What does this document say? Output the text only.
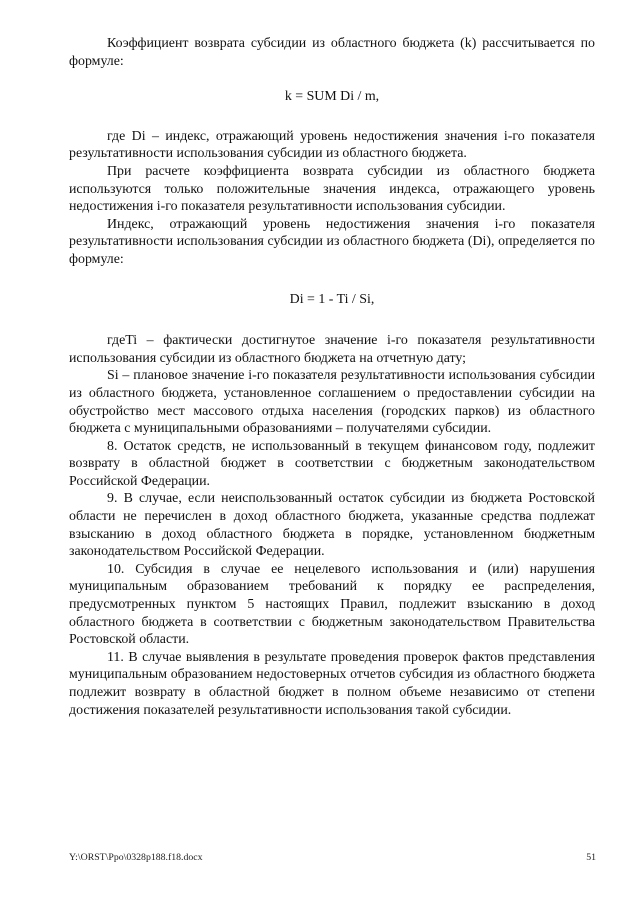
Коэффициент возврата субсидии из областного бюджета (k) рассчитывается по формуле:

k = SUM Di / m,

где Di – индекс, отражающий уровень недостижения значения i-го показателя результативности использования субсидии из областного бюджета.

При расчете коэффициента возврата субсидии из областного бюджета используются только положительные значения индекса, отражающего уровень недостижения i-го показателя результативности использования субсидии.

Индекс, отражающий уровень недостижения значения i-го показателя результативности использования субсидии из областного бюджета (Di), определяется по формуле:

Di = 1 - Ti / Si,

гдеTi – фактически достигнутое значение i-го показателя результативности использования субсидии из областного бюджета на отчетную дату;

Si – плановое значение i-го показателя результативности использования субсидии из областного бюджета, установленное соглашением о предоставлении субсидии на обустройство мест массового отдыха населения (городских парков) из областного бюджета с муниципальными образованиями – получателями субсидии.

8. Остаток средств, не использованный в текущем финансовом году, подлежит возврату в областной бюджет в соответствии с бюджетным законодательством Российской Федерации.

9. В случае, если неиспользованный остаток субсидии из бюджета Ростовской области не перечислен в доход областного бюджета, указанные средства подлежат взысканию в доход областного бюджета в порядке, установленном бюджетным законодательством Российской Федерации.

10. Субсидия в случае ее нецелевого использования и (или) нарушения муниципальным образованием требований к порядку ее распределения, предусмотренных пунктом 5 настоящих Правил, подлежит взысканию в доход областного бюджета в соответствии с бюджетным законодательством Правительства Ростовской области.

11. В случае выявления в результате проведения проверок фактов представления муниципальным образованием недостоверных отчетов субсидия из областного бюджета подлежит возврату в областной бюджет в полном объеме независимо от степени достижения показателей результативности использования такой субсидии.

Y:\ORST\Ppo\0328p188.f18.docx	51
